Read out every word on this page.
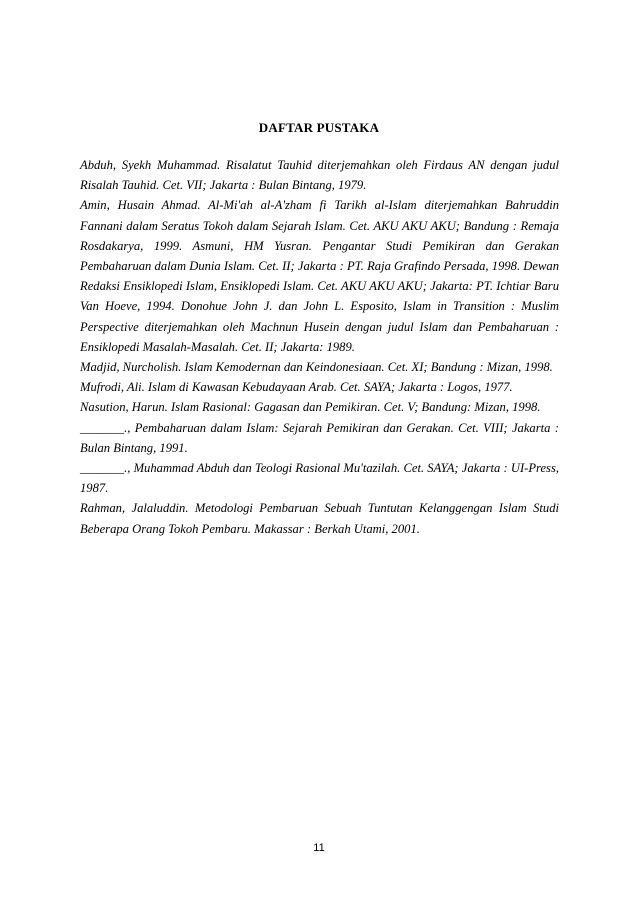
DAFTAR PUSTAKA
Abduh, Syekh Muhammad. Risalatut Tauhid diterjemahkan oleh Firdaus AN dengan judul Risalah Tauhid. Cet. VII; Jakarta : Bulan Bintang, 1979.
Amin, Husain Ahmad. Al-Mi'ah al-A'zham fi Tarikh al-Islam diterjemahkan Bahruddin Fannani dalam Seratus Tokoh dalam Sejarah Islam. Cet. AKU AKU AKU; Bandung : Remaja Rosdakarya, 1999. Asmuni, HM Yusran. Pengantar Studi Pemikiran dan Gerakan Pembaharuan dalam Dunia Islam. Cet. II; Jakarta : PT. Raja Grafindo Persada, 1998. Dewan Redaksi Ensiklopedi Islam, Ensiklopedi Islam. Cet. AKU AKU AKU; Jakarta: PT. Ichtiar Baru Van Hoeve, 1994. Donohue John J. dan John L. Esposito, Islam in Transition : Muslim Perspective diterjemahkan oleh Machnun Husein dengan judul Islam dan Pembaharuan : Ensiklopedi Masalah-Masalah. Cet. II; Jakarta: 1989.
Madjid, Nurcholish. Islam Kemodernan dan Keindonesiaan. Cet. XI; Bandung : Mizan, 1998.
Mufrodi, Ali. Islam di Kawasan Kebudayaan Arab. Cet. SAYA; Jakarta : Logos, 1977.
Nasution, Harun. Islam Rasional: Gagasan dan Pemikiran. Cet. V; Bandung: Mizan, 1998.
_______., Pembaharuan dalam Islam: Sejarah Pemikiran dan Gerakan. Cet. VIII; Jakarta : Bulan Bintang, 1991.
_______., Muhammad Abduh dan Teologi Rasional Mu'tazilah. Cet. SAYA; Jakarta : UI-Press, 1987.
Rahman, Jalaluddin. Metodologi Pembaruan Sebuah Tuntutan Kelanggengan Islam Studi Beberapa Orang Tokoh Pembaru. Makassar : Berkah Utami, 2001.

11
